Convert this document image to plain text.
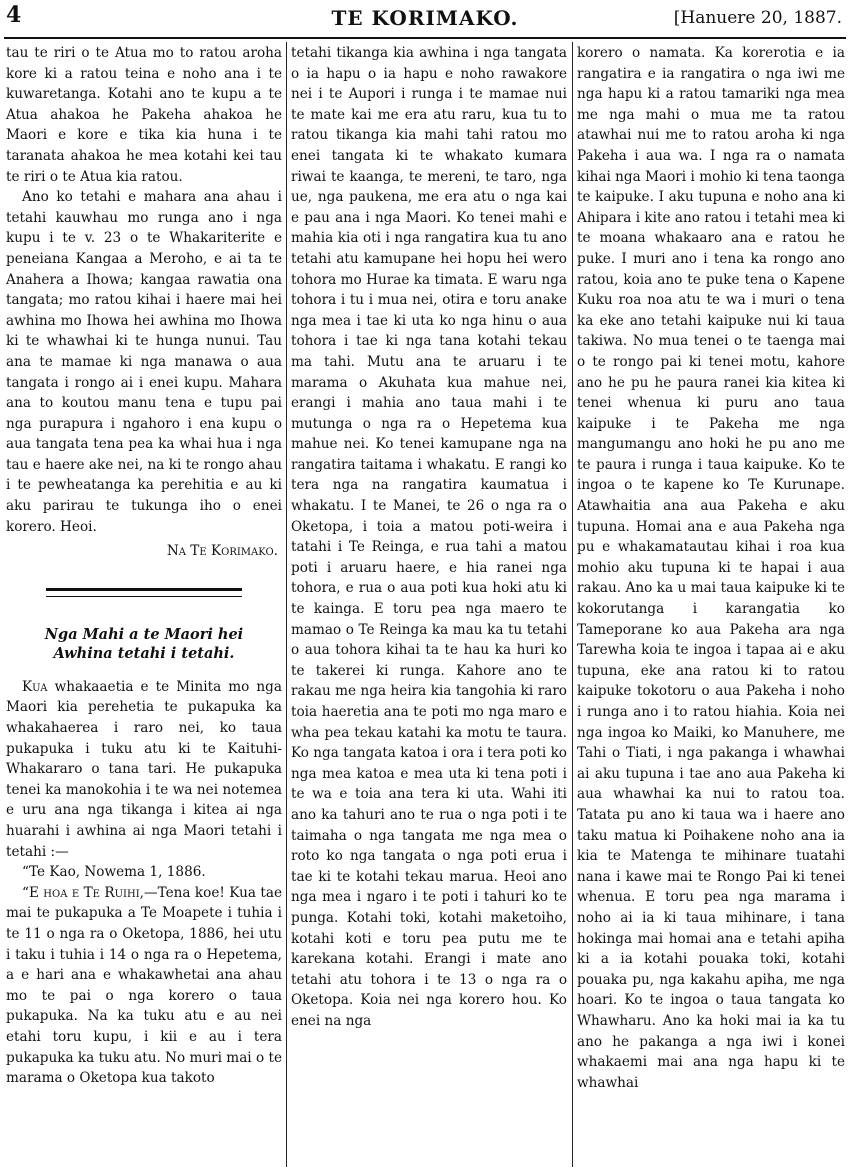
4	TE KORIMAKO.	[Hanuere 20, 1887.

tau te riri o te Atua mo to ratou aroha kore ki a ratou teina e noho ana i te kuwaretanga. Kotahi ano te kupu a te Atua ahakoa he Pakeha ahakoa he Maori e kore e tika kia huna i te taranata ahakoa he mea kotahi kei tau te riri o te Atua kia ratou.

Ano ko tetahi e mahara ana ahau i tetahi kauwhau mo runga ano i nga kupu i te v. 23 o te Whakariterite e peneiana Kangaa a Meroho, e ai ta te Anahera a Ihowa; kangaa rawatia ona tangata; mo ratou kihai i haere mai hei awhina mo Ihowa hei awhina mo Ihowa ki te whawhai ki te hunga nunui. Tau ana te mamae ki nga manawa o aua tangata i rongo ai i enei kupu. Mahara ana to koutou manu tena e tupu pai nga purapura i ngahoro i ena kupu o aua tangata tena pea ka whai hua i nga tau e haere ake nei, na ki te rongo ahau i te pewheatanga ka perehitia e au ki aku parirau te tukunga iho o enei korero. Heoi.

Na Te Korimako.
Nga Mahi a te Maori hei
Awhina tetahi i tetahi.

Kua whakaaetia e te Minita mo nga Maori kia perehetia te pukapuka ka whakahaerea i raro nei, ko taua pukapuka i tuku atu ki te Kaituhi-Whakararo o tana tari. He pukapuka tenei ka manokohia i te wa nei notemea e uru ana nga tikanga i kitea ai nga huarahi i awhina ai nga Maori tetahi i tetahi :—

“Te Kao, Nowema 1, 1886.

“E hoa e Te Ruihi,—Tena koe! Kua tae mai te pukapuka a Te Moapete i tuhia i te 11 o nga ra o Oketopa, 1886, hei utu i taku i tuhia i 14 o nga ra o Hepetema, a e hari ana e whakawhetai ana ahau mo te pai o nga korero o taua pukapuka. Na ka tuku atu e au nei etahi toru kupu, i kii e au i tera pukapuka ka tuku atu. No muri mai o te marama o Oketopa kua takoto

tetahi tikanga kia awhina i nga tangata o ia hapu o ia hapu e noho rawakore nei i te Aupori i runga i te mamae nui te mate kai me era atu raru, kua tu to ratou tikanga kia mahi tahi ratou mo enei tangata ki te whakato kumara riwai te kaanga, te mereni, te taro, nga ue, nga paukena, me era atu o nga kai e pau ana i nga Maori. Ko tenei mahi e mahia kia oti i nga rangatira kua tu ano tetahi atu kamupane hei hopu hei wero tohora mo Hurae ka timata. E waru nga tohora i tu i mua nei, otira e toru anake nga mea i tae ki uta ko nga hinu o aua tohora i tae ki nga tana kotahi tekau ma tahi. Mutu ana te aruaru i te marama o Akuhata kua mahue nei, erangi i mahia ano taua mahi i te mutunga o nga ra o Hepetema kua mahue nei. Ko tenei kamupane nga na rangatira taitama i whakatu. E rangi ko tera nga na rangatira kaumatua i whakatu. I te Manei, te 26 o nga ra o Oketopa, i toia a matou poti-weira i tatahi i Te Reinga, e rua tahi a matou poti i aruaru haere, e hia ranei nga tohora, e rua o aua poti kua hoki atu ki te kainga. E toru pea nga maero te mamao o Te Reinga ka mau ka tu tetahi o aua tohora kihai ta te hau ka huri ko te takerei ki runga. Kahore ano te rakau me nga heira kia tangohia ki raro toia haeretia ana te poti mo nga maro e wha pea tekau katahi ka motu te taura. Ko nga tangata katoa i ora i tera poti ko nga mea katoa e mea uta ki tena poti i te wa e toia ana tera ki uta. Wahi iti ano ka tahuri ano te rua o nga poti i te taimaha o nga tangata me nga mea o roto ko nga tangata o nga poti erua i tae ki te kotahi tekau marua. Heoi ano nga mea i ngaro i te poti i tahuri ko te punga. Kotahi toki, kotahi maketoiho, kotahi koti e toru pea putu me te karekana kotahi. Erangi i mate ano tetahi atu tohora i te 13 o nga ra o Oketopa. Koia nei nga korero hou. Ko enei na nga

korero o namata. Ka korerotia e ia rangatira e ia rangatira o nga iwi me nga hapu ki a ratou tamariki nga mea me nga mahi o mua me ta ratou atawhai nui me to ratou aroha ki nga Pakeha i aua wa. I nga ra o namata kihai nga Maori i mohio ki tena taonga te kaipuke. I aku tupuna e noho ana ki Ahipara i kite ano ratou i tetahi mea ki te moana whakaaro ana e ratou he puke. I muri ano i tena ka rongo ano ratou, koia ano te puke tena o Kapene Kuku roa noa atu te wa i muri o tena ka eke ano tetahi kaipuke nui ki taua takiwa. No mua tenei o te taenga mai o te rongo pai ki tenei motu, kahore ano he pu he paura ranei kia kitea ki tenei whenua ki puru ano taua kaipuke i te Pakeha me nga mangumangu ano hoki he pu ano me te paura i runga i taua kaipuke. Ko te ingoa o te kapene ko Te Kurunape. Atawhaitia ana aua Pakeha e aku tupuna. Homai ana e aua Pakeha nga pu e whakamatautau kihai i roa kua mohio aku tupuna ki te hapai i aua rakau. Ano ka u mai taua kaipuke ki te kokorutanga i karangatia ko Tameporane ko aua Pakeha ara nga Tarewha koia te ingoa i tapaa ai e aku tupuna, eke ana ratou ki to ratou kaipuke tokotoru o aua Pakeha i noho i runga ano i to ratou hiahia. Koia nei nga ingoa ko Maiki, ko Manuhere, me Tahi o Tiati, i nga pakanga i whawhai ai aku tupuna i tae ano aua Pakeha ki aua whawhai ka nui to ratou toa. Tatata pu ano ki taua wa i haere ano taku matua ki Poihakene noho ana ia kia te Matenga te mihinare tuatahi nana i kawe mai te Rongo Pai ki tenei whenua. E toru pea nga marama i noho ai ia ki taua mihinare, i tana hokinga mai homai ana e tetahi apiha ki a ia kotahi pouaka toki, kotahi pouaka pu, nga kakahu apiha, me nga hoari. Ko te ingoa o taua tangata ko Whawharu. Ano ka hoki mai ia ka tu ano he pakanga a nga iwi i konei whakaemi mai ana nga hapu ki te whawhai
